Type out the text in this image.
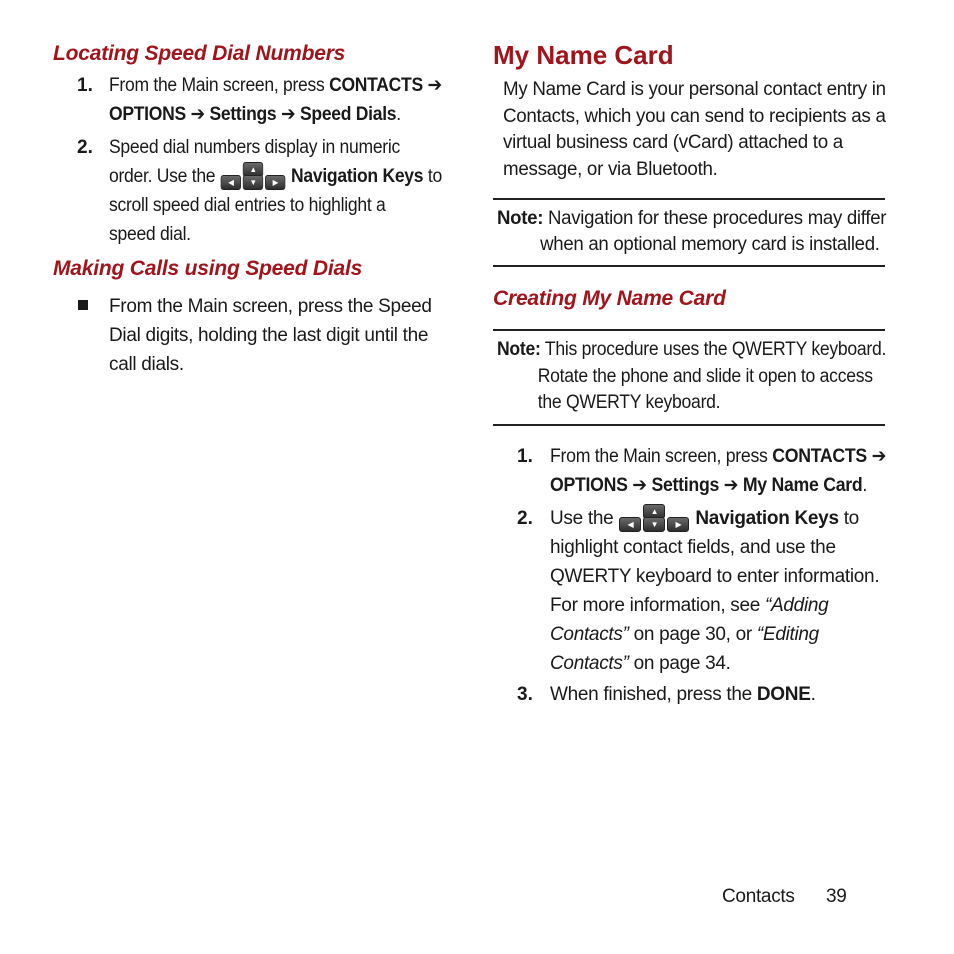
Locating Speed Dial Numbers
1. From the Main screen, press CONTACTS ➔
OPTIONS ➔ Settings ➔ Speed Dials.
2. Speed dial numbers display in numeric
order. Use the	▲
◀	▼	▶ Navigation Keys to
scroll speed dial entries to highlight a
speed dial.
Making Calls using Speed Dials
From the Main screen, press the Speed
Dial digits, holding the last digit until the
call dials.
My Name Card
My Name Card is your personal contact entry in
Contacts, which you can send to recipients as a
virtual business card (vCard) attached to a
message, or via Bluetooth.
Note: Navigation for these procedures may differ
when an optional memory card is installed.
Creating My Name Card
Note: This procedure uses the QWERTY keyboard.
Rotate the phone and slide it open to access
the QWERTY keyboard.
1. From the Main screen, press CONTACTS ➔
OPTIONS ➔ Settings ➔ My Name Card.
2. Use the	▲
◀	▼	▶ Navigation Keys to
highlight contact fields, and use the
QWERTY keyboard to enter information.
For more information, see “Adding
Contacts” on page 30, or “Editing
Contacts” on page 34.
3. When finished, press the DONE.
Contacts 39
